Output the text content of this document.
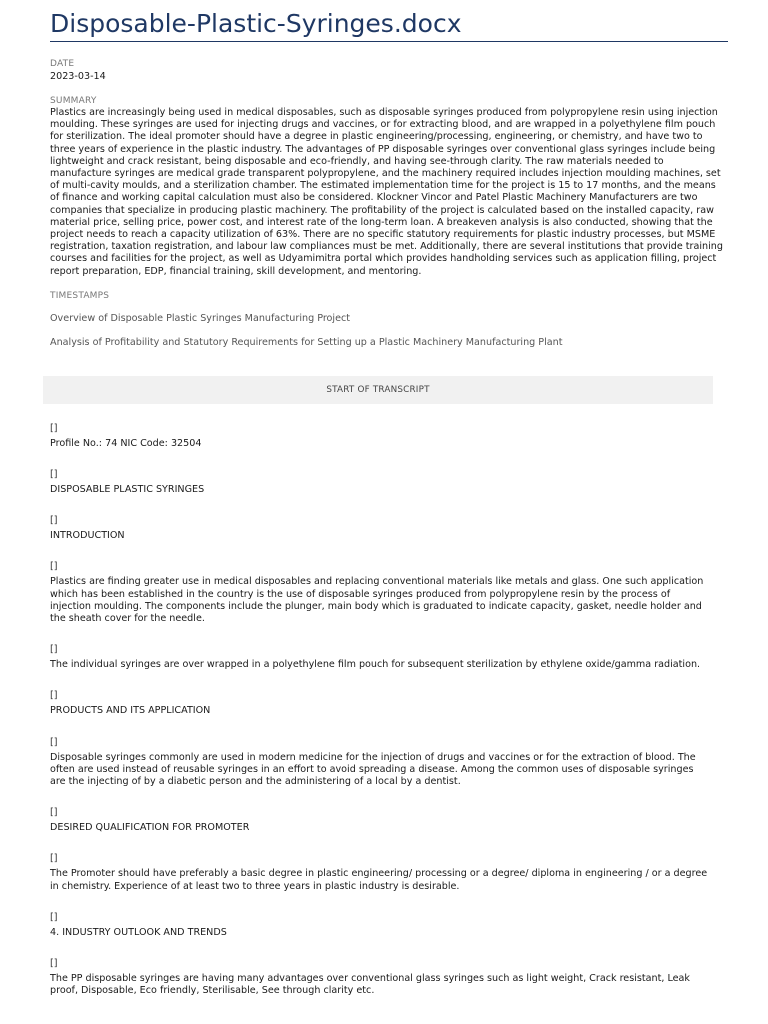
Disposable-Plastic-Syringes.docx
DATE
2023-03-14
SUMMARY
Plastics are increasingly being used in medical disposables, such as disposable syringes produced from polypropylene resin using injection moulding. These syringes are used for injecting drugs and vaccines, or for extracting blood, and are wrapped in a polyethylene film pouch for sterilization. The ideal promoter should have a degree in plastic engineering/processing, engineering, or chemistry, and have two to three years of experience in the plastic industry. The advantages of PP disposable syringes over conventional glass syringes include being lightweight and crack resistant, being disposable and eco-friendly, and having see-through clarity. The raw materials needed to manufacture syringes are medical grade transparent polypropylene, and the machinery required includes injection moulding machines, set of multi-cavity moulds, and a sterilization chamber. The estimated implementation time for the project is 15 to 17 months, and the means of finance and working capital calculation must also be considered. Klockner Vincor and Patel Plastic Machinery Manufacturers are two companies that specialize in producing plastic machinery. The profitability of the project is calculated based on the installed capacity, raw material price, selling price, power cost, and interest rate of the long-term loan. A breakeven analysis is also conducted, showing that the project needs to reach a capacity utilization of 63%. There are no specific statutory requirements for plastic industry processes, but MSME registration, taxation registration, and labour law compliances must be met. Additionally, there are several institutions that provide training courses and facilities for the project, as well as Udyamimitra portal which provides handholding services such as application filling, project report preparation, EDP, financial training, skill development, and mentoring.
TIMESTAMPS
Overview of Disposable Plastic Syringes Manufacturing Project
Analysis of Profitability and Statutory Requirements for Setting up a Plastic Machinery Manufacturing Plant
START OF TRANSCRIPT
[]
Profile No.: 74 NIC Code: 32504
[]
DISPOSABLE PLASTIC SYRINGES
[]
INTRODUCTION
[]
Plastics are finding greater use in medical disposables and replacing conventional materials like metals and glass. One such application which has been established in the country is the use of disposable syringes produced from polypropylene resin by the process of injection moulding. The components include the plunger, main body which is graduated to indicate capacity, gasket, needle holder and the sheath cover for the needle.
[]
The individual syringes are over wrapped in a polyethylene film pouch for subsequent sterilization by ethylene oxide/gamma radiation.
[]
PRODUCTS AND ITS APPLICATION
[]
Disposable syringes commonly are used in modern medicine for the injection of drugs and vaccines or for the extraction of blood. The often are used instead of reusable syringes in an effort to avoid spreading a disease. Among the common uses of disposable syringes are the injecting of by a diabetic person and the administering of a local by a dentist.
[]
DESIRED QUALIFICATION FOR PROMOTER
[]
The Promoter should have preferably a basic degree in plastic engineering/ processing or a degree/ diploma in engineering / or a degree in chemistry. Experience of at least two to three years in plastic industry is desirable.
[]
4. INDUSTRY OUTLOOK AND TRENDS
[]
The PP disposable syringes are having many advantages over conventional glass syringes such as light weight, Crack resistant, Leak proof, Disposable, Eco friendly, Sterilisable, See through clarity etc.
